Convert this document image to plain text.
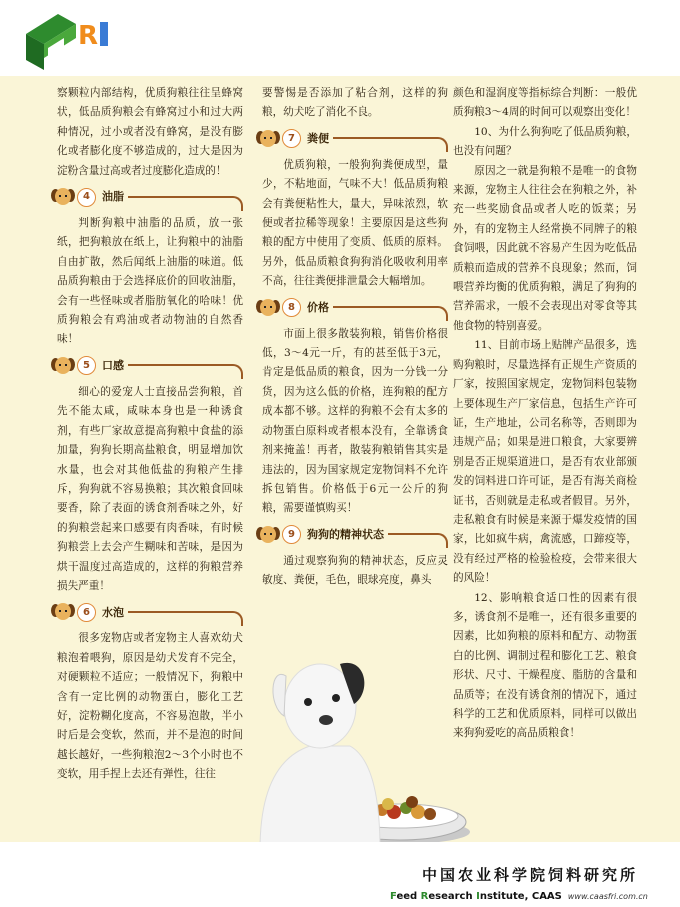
R

察颗粒内部结构，优质狗粮往往呈蜂窝状，低品质狗粮会有蜂窝过小和过大两种情况，过小或者没有蜂窝，是没有膨化或者膨化度不够造成的，过大是因为淀粉含量过高或者过度膨化造成的！

4	油脂

判断狗粮中油脂的品质，放一张纸，把狗粮放在纸上，让狗粮中的油脂自由扩散，然后闻纸上油脂的味道。低品质狗粮由于会选择底价的回收油脂，会有一些怪味或者脂肪氧化的哈味！优质狗粮会有鸡油或者动物油的自然香味！

5	口感

细心的爱宠人士直接品尝狗粮，首先不能太咸，咸味本身也是一种诱食剂，有些厂家故意提高狗粮中食盐的添加量，狗狗长期高盐粮食，明显增加饮水量，也会对其他低盐的狗粮产生排斥，狗狗就不容易换粮；其次粮食回味要香，除了表面的诱食剂香味之外，好的狗粮尝起来口感要有肉香味，有时候狗粮尝上去会产生糊味和苦味，是因为烘干温度过高造成的，这样的狗粮营养损失严重！

6	水泡

很多宠物店或者宠物主人喜欢幼犬粮泡着喂狗，原因是幼犬发育不完全，对硬颗粒不适应；一般情况下，狗粮中含有一定比例的动物蛋白，膨化工艺好，淀粉糊化度高，不容易泡散，半小时后是会变软，然而，并不是泡的时间越长越好，一些狗粮泡2～3个小时也不变软，用手捏上去还有弹性，往往

要警惕是否添加了粘合剂，这样的狗粮，幼犬吃了消化不良。

7	粪便

优质狗粮，一般狗狗粪便成型，量少，不粘地面，气味不大！低品质狗粮会有粪便粘性大，量大，异味浓烈，软便或者拉稀等现象！主要原因是这些狗粮的配方中使用了变质、低质的原料。另外，低品质粮食狗狗消化吸收利用率不高，往往粪便排泄量会大幅增加。

8	价格

市面上很多散装狗粮，销售价格很低，3～4元一斤，有的甚至低于3元，肯定是低品质的粮食，因为一分钱一分货，因为这么低的价格，连狗粮的配方成本都不够。这样的狗粮不会有太多的动物蛋白原料或者根本没有，全靠诱食剂来掩盖！再者，散装狗粮销售其实是违法的，因为国家规定宠物饲料不允许拆包销售。价格低于6元一公斤的狗粮，需要谨慎购买！

9	狗狗的精神状态

通过观察狗狗的精神状态，反应灵敏度、粪便，毛色，眼球亮度，鼻头

颜色和湿润度等指标综合判断：一般优质狗粮3～4周的时间可以观察出变化！

10、为什么狗狗吃了低品质狗粮，也没有问题？

原因之一就是狗粮不是唯一的食物来源，宠物主人往往会在狗粮之外，补充一些奖励食品或者人吃的饭菜；另外，有的宠物主人经常换不同牌子的粮食饲喂，因此就不容易产生因为吃低品质粮而造成的营养不良现象；然而，饲喂营养均衡的优质狗粮，满足了狗狗的营养需求，一般不会表现出对零食等其他食物的特别喜爱。

11、目前市场上贴牌产品很多，选购狗粮时，尽量选择有正规生产资质的厂家，按照国家规定，宠物饲料包装物上要体现生产厂家信息，包括生产许可证，生产地址，公司名称等，否则即为违规产品；如果是进口粮食，大家要辨别是否正规渠道进口，是否有农业部颁发的饲料进口许可证，是否有海关商检证书，否则就是走私或者假冒。另外，走私粮食有时候是来源于爆发疫情的国家，比如疯牛病，禽流感，口蹄疫等，没有经过严格的检验检疫，会带来很大的风险！

12、影响粮食适口性的因素有很多，诱食剂不是唯一，还有很多重要的因素，比如狗粮的原料和配方、动物蛋白的比例、调制过程和膨化工艺、粮食形状、尺寸、干燥程度、脂肪的含量和品质等；在没有诱食剂的情况下，通过科学的工艺和优质原料，同样可以做出来狗狗爱吃的高品质粮食！

中国农业科学院饲料研究所
Feed Research Institute, CAAS www.caasfri.com.cn
